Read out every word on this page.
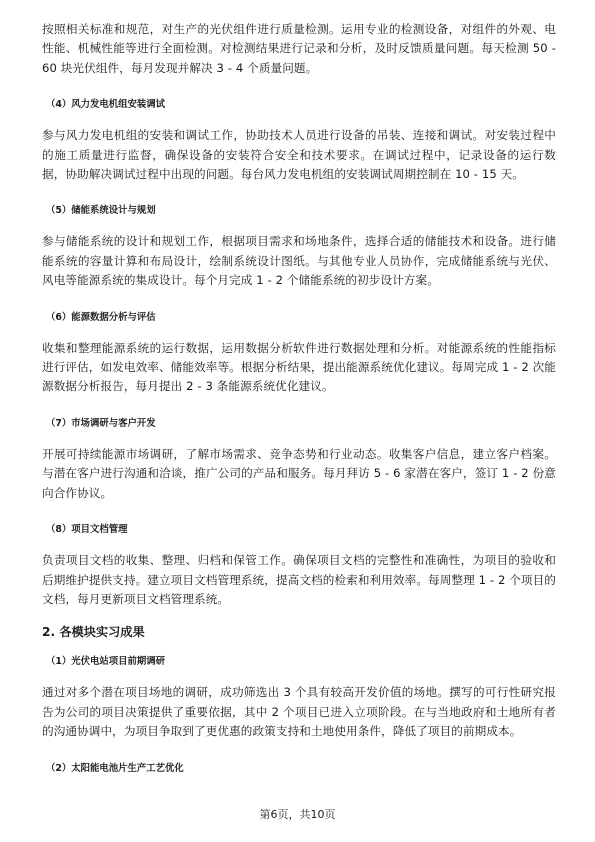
按照相关标准和规范，对生产的光伏组件进行质量检测。运用专业的检测设备，对组件的外观、电性能、机械性能等进行全面检测。对检测结果进行记录和分析，及时反馈质量问题。每天检测 50 - 60 块光伏组件，每月发现并解决 3 - 4 个质量问题。

（4）风力发电机组安装调试

参与风力发电机组的安装和调试工作，协助技术人员进行设备的吊装、连接和调试。对安装过程中的施工质量进行监督，确保设备的安装符合安全和技术要求。在调试过程中，记录设备的运行数据，协助解决调试过程中出现的问题。每台风力发电机组的安装调试周期控制在 10 - 15 天。

（5）储能系统设计与规划

参与储能系统的设计和规划工作，根据项目需求和场地条件，选择合适的储能技术和设备。进行储能系统的容量计算和布局设计，绘制系统设计图纸。与其他专业人员协作，完成储能系统与光伏、风电等能源系统的集成设计。每个月完成 1 - 2 个储能系统的初步设计方案。

（6）能源数据分析与评估

收集和整理能源系统的运行数据，运用数据分析软件进行数据处理和分析。对能源系统的性能指标进行评估，如发电效率、储能效率等。根据分析结果，提出能源系统优化建议。每周完成 1 - 2 次能源数据分析报告，每月提出 2 - 3 条能源系统优化建议。

（7）市场调研与客户开发

开展可持续能源市场调研，了解市场需求、竞争态势和行业动态。收集客户信息，建立客户档案。与潜在客户进行沟通和洽谈，推广公司的产品和服务。每月拜访 5 - 6 家潜在客户，签订 1 - 2 份意向合作协议。

（8）项目文档管理

负责项目文档的收集、整理、归档和保管工作。确保项目文档的完整性和准确性，为项目的验收和后期维护提供支持。建立项目文档管理系统，提高文档的检索和利用效率。每周整理 1 - 2 个项目的文档，每月更新项目文档管理系统。

2. 各模块实习成果

（1）光伏电站项目前期调研

通过对多个潜在项目场地的调研，成功筛选出 3 个具有较高开发价值的场地。撰写的可行性研究报告为公司的项目决策提供了重要依据，其中 2 个项目已进入立项阶段。在与当地政府和土地所有者的沟通协调中，为项目争取到了更优惠的政策支持和土地使用条件，降低了项目的前期成本。

（2）太阳能电池片生产工艺优化

第6页，共10页
